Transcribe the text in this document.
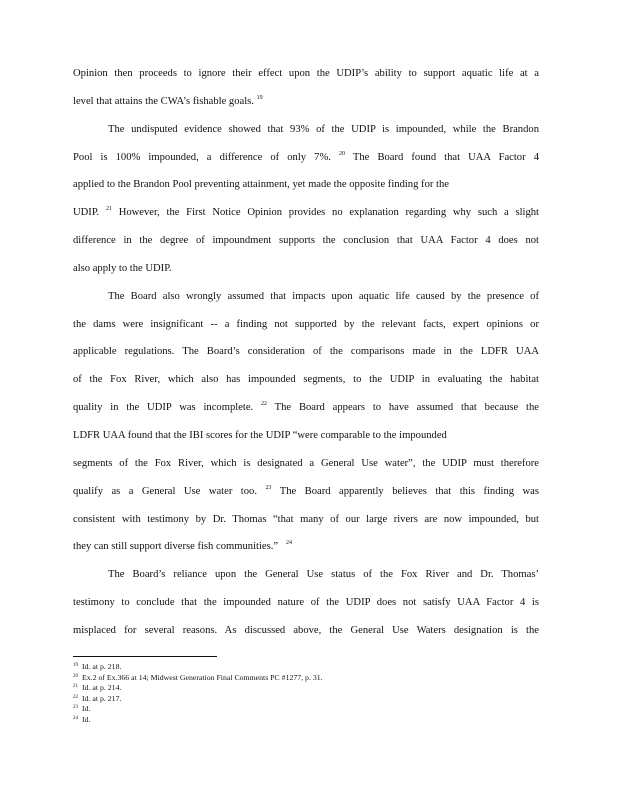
Opinion then proceeds to ignore their effect upon the UDIP’s ability to support aquatic life at a
level that attains the CWA’s fishable goals. $^{19}$
The undisputed evidence showed that 93% of the UDIP is impounded, while the Brandon
Pool is 100% impounded, a difference of only 7%. $^{20}$ The Board found that UAA Factor 4
applied to the Brandon Pool preventing attainment, yet made the opposite finding for the
UDIP. $^{21}$ However, the First Notice Opinion provides no explanation regarding why such a slight
difference in the degree of impoundment supports the conclusion that UAA Factor 4 does not
also apply to the UDIP.
The Board also wrongly assumed that impacts upon aquatic life caused by the presence of
the dams were insignificant -- a finding not supported by the relevant facts, expert opinions or
applicable regulations. The Board’s consideration of the comparisons made in the LDFR UAA
of the Fox River, which also has impounded segments, to the UDIP in evaluating the habitat
quality in the UDIP was incomplete. $^{22}$ The Board appears to have assumed that because the
LDFR UAA found that the IBI scores for the UDIP “were comparable to the impounded
segments of the Fox River, which is designated a General Use water”, the UDIP must therefore
qualify as a General Use water too. $^{23}$ The Board apparently believes that this finding was
consistent with testimony by Dr. Thomas “that many of our large rivers are now impounded, but
they can still support diverse fish communities.” $^{24}$
The Board’s reliance upon the General Use status of the Fox River and Dr. Thomas’
testimony to conclude that the impounded nature of the UDIP does not satisfy UAA Factor 4 is
misplaced for several reasons. As discussed above, the General Use Waters designation is the
$^{19}$ Id. at p. 218.
$^{20}$ Ex.2 of Ex.366 at 14; Midwest Generation Final Comments PC #1277, p. 31.
$^{21}$ Id. at p. 214.
$^{22}$ Id. at p. 217.
$^{23}$ Id.
$^{24}$ Id.
